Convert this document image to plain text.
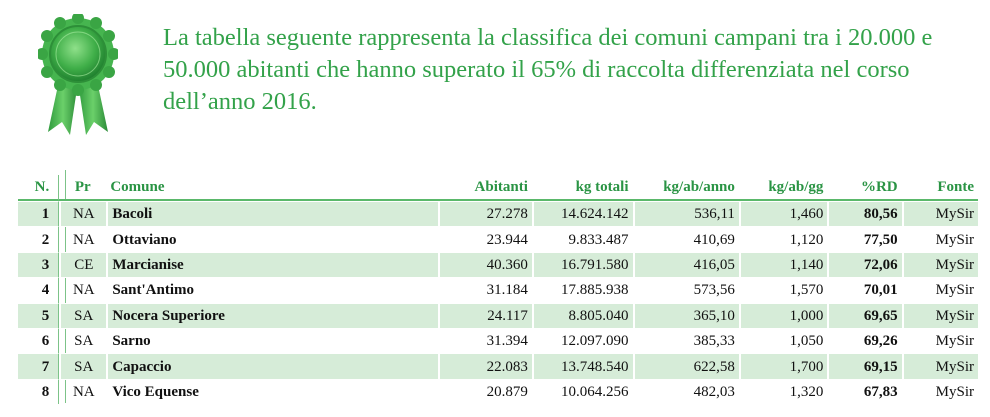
La tabella seguente rappresenta la classifica dei comuni campani tra i 20.000 e 50.000 abitanti che hanno superato il 65% di raccolta differenziata nel corso dell’anno 2016.

N.	Pr	Comune	Abitanti	kg totali	kg/ab/anno	kg/ab/gg	%RD	Fonte
1	NA	Bacoli	27.278	14.624.142	536,11	1,460	80,56	MySir
2	NA	Ottaviano	23.944	9.833.487	410,69	1,120	77,50	MySir
3	CE	Marcianise	40.360	16.791.580	416,05	1,140	72,06	MySir
4	NA	Sant'Antimo	31.184	17.885.938	573,56	1,570	70,01	MySir
5	SA	Nocera Superiore	24.117	8.805.040	365,10	1,000	69,65	MySir
6	SA	Sarno	31.394	12.097.090	385,33	1,050	69,26	MySir
7	SA	Capaccio	22.083	13.748.540	622,58	1,700	69,15	MySir
8	NA	Vico Equense	20.879	10.064.256	482,03	1,320	67,83	MySir
